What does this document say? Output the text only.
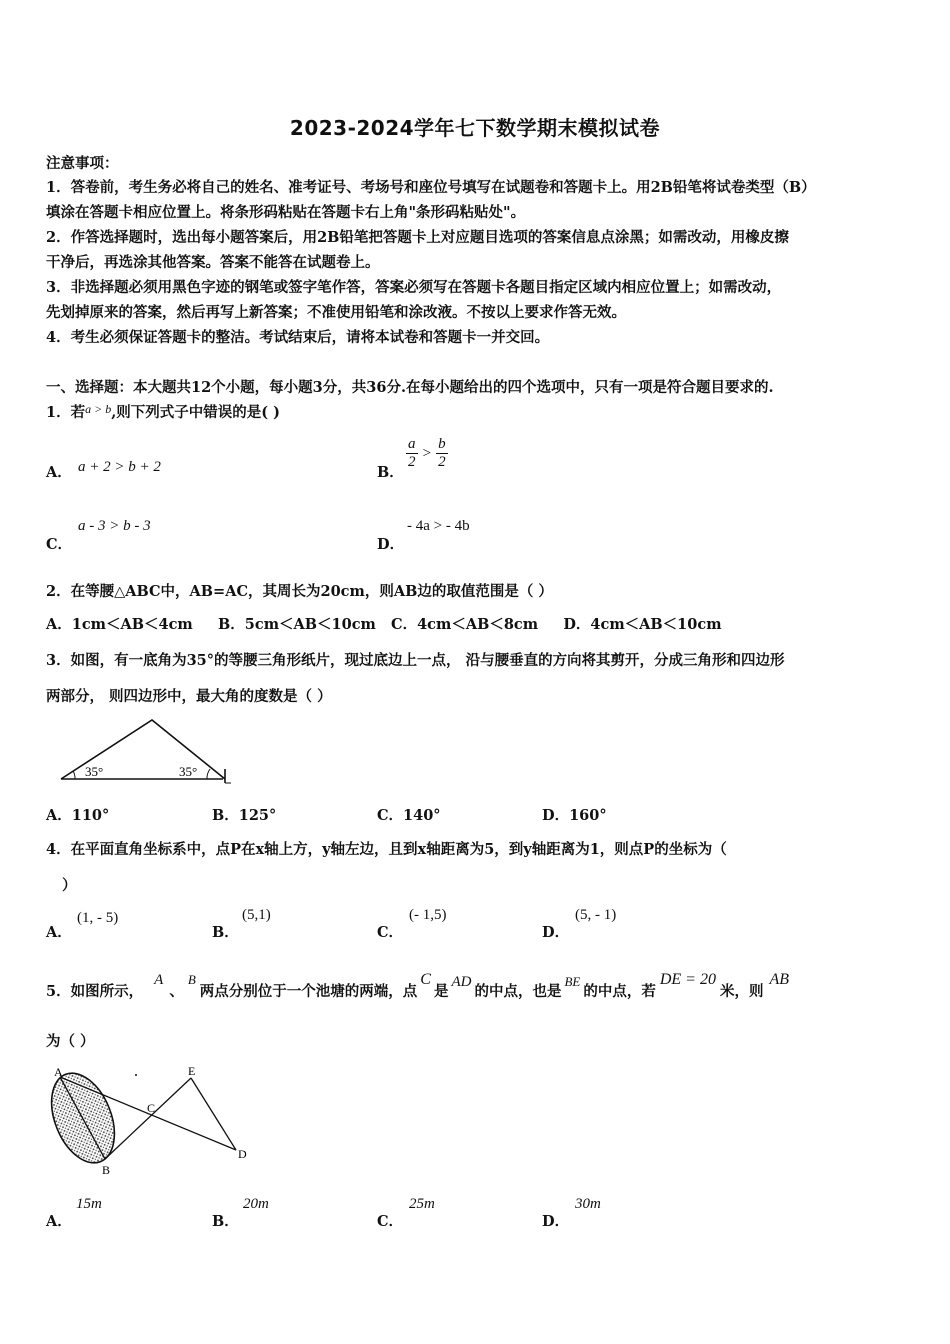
2023-2024学年七下数学期末模拟试卷
注意事项：
1．答卷前，考生务必将自己的姓名、准考证号、考场号和座位号填写在试题卷和答题卡上。用2B铅笔将试卷类型（B）
填涂在答题卡相应位置上。将条形码粘贴在答题卡右上角"条形码粘贴处"。
2．作答选择题时，选出每小题答案后，用2B铅笔把答题卡上对应题目选项的答案信息点涂黑；如需改动，用橡皮擦
干净后，再选涂其他答案。答案不能答在试题卷上。
3．非选择题必须用黑色字迹的钢笔或签字笔作答，答案必须写在答题卡各题目指定区域内相应位置上；如需改动，
先划掉原来的答案，然后再写上新答案；不准使用铅笔和涂改液。不按以上要求作答无效。
4．考生必须保证答题卡的整洁。考试结束后，请将本试卷和答题卡一并交回。
一、选择题：本大题共12个小题，每小题3分，共36分.在每小题给出的四个选项中，只有一项是符合题目要求的.
1．若$^{a > b}$,则下列式子中错误的是( )
A． a + 2 > b + 2	B．
$\frac{a}{2} > \frac{b}{2}$
C．
a - 3 > b - 3
D．
- 4a > - 4b
2．在等腰△ABC中，AB=AC，其周长为20cm，则AB边的取值范围是（ ）
A．1cm＜AB＜4cm     B．5cm＜AB＜10cm   C．4cm＜AB＜8cm     D．4cm＜AB＜10cm
3．如图，有一底角为35°的等腰三角形纸片，现过底边上一点， 沿与腰垂直的方向将其剪开，分成三角形和四边形
两部分， 则四边形中，最大角的度数是（ ）
35°	35°
A．110°	B．125°	C．140°	D．160°
4．在平面直角坐标系中，点P在x轴上方，y轴左边，且到x轴距离为5，到y轴距离为1，则点P的坐标为（
）
A．
(1, - 5)
B．
(5,1)
C．
(- 1,5)
D．
(5, - 1)
5．如图所示， A、B两点分别位于一个池塘的两端，点C是AD的中点，也是BE的中点，若DE = 20米，则AB
为（ ）
A
B
C
D
E
A．
15m
B．
20m
C．
25m
D．
30m
